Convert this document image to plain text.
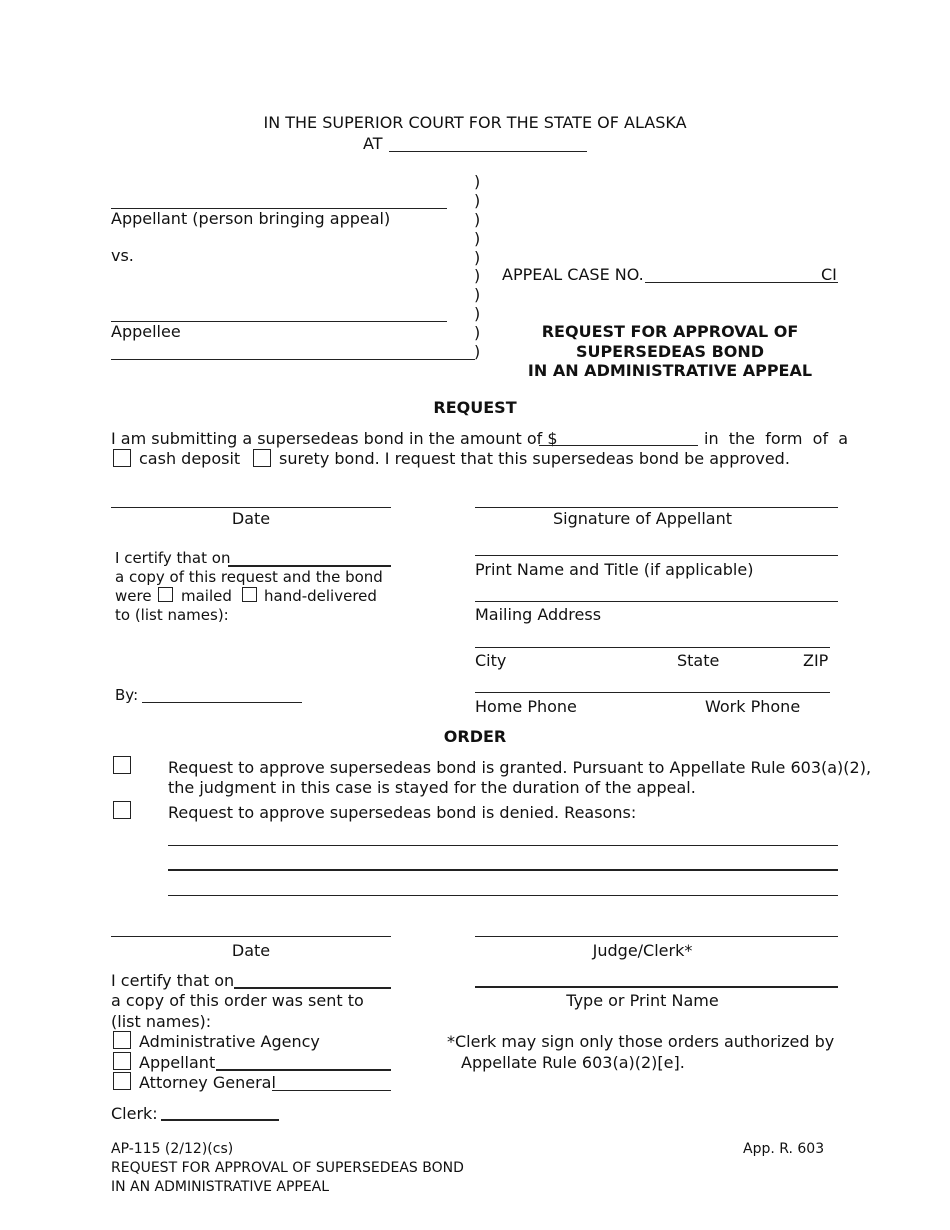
IN THE SUPERIOR COURT FOR THE STATE OF ALASKA
AT
Appellant (person bringing appeal)
vs.
Appellee
)
)
)
)
)
)
)
)
)
)
APPEAL CASE NO.	CI
REQUEST FOR APPROVAL OF
SUPERSEDEAS BOND
IN AN ADMINISTRATIVE APPEAL
REQUEST
I am submitting a supersedeas bond in the amount of $	in  the  form  of  a
cash deposit surety bond. I request that this supersedeas bond be approved.
Date	Signature of Appellant
I certify that on
a copy of this request and the bond
were mailed hand-delivered
to (list names):
By:
Print Name and Title (if applicable)
Mailing Address
City	State	ZIP
Home Phone	Work Phone
ORDER
Request to approve supersedeas bond is granted. Pursuant to Appellate Rule 603(a)(2),
the judgment in this case is stayed for the duration of the appeal.
Request to approve supersedeas bond is denied. Reasons:
Date	Judge/Clerk*
I certify that on
a copy of this order was sent to
(list names):
Administrative Agency
Appellant
Attorney General
Clerk:
Type or Print Name
*Clerk may sign only those orders authorized by
Appellate Rule 603(a)(2)[e].
AP-115 (2/12)(cs)	App. R. 603
REQUEST FOR APPROVAL OF SUPERSEDEAS BOND
IN AN ADMINISTRATIVE APPEAL
